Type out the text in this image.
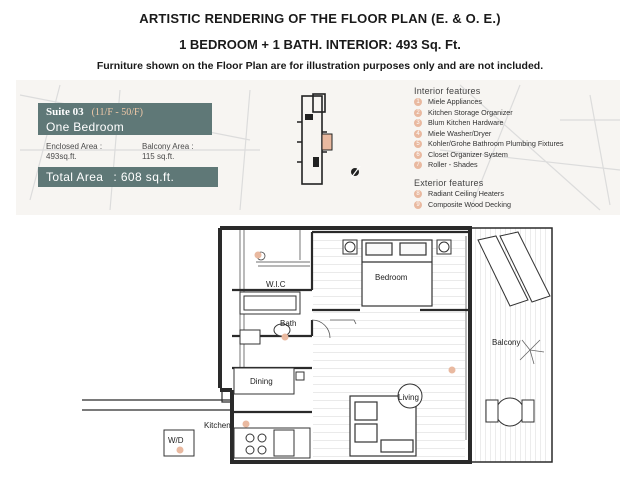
ARTISTIC RENDERING OF THE FLOOR PLAN (E. & O. E.)
1 BEDROOM + 1 BATH. INTERIOR: 493 Sq. Ft.
Furniture shown on the Floor Plan are for illustration purposes only and are not included.
Suite 03 (11/F - 50/F)
One Bedroom
Enclosed Area :
493sq.ft.
Balcony Area :
115 sq.ft.
Total Area : 608 sq.ft.
Interior features
1 Miele Appliances
2 Kitchen Storage Organizer
3 Blum Kitchen Hardware
4 Miele Washer/Dryer
5 Kohler/Grohe Bathroom Plumbing Fixtures
6 Closet Organizer System
7 Roller - Shades
Exterior features
8 Radiant Ceiling Heaters
9 Composite Wood Decking
W.I.C
Bedroom
Bath
Dining
Living
Kitchen
W/D
Balcony
